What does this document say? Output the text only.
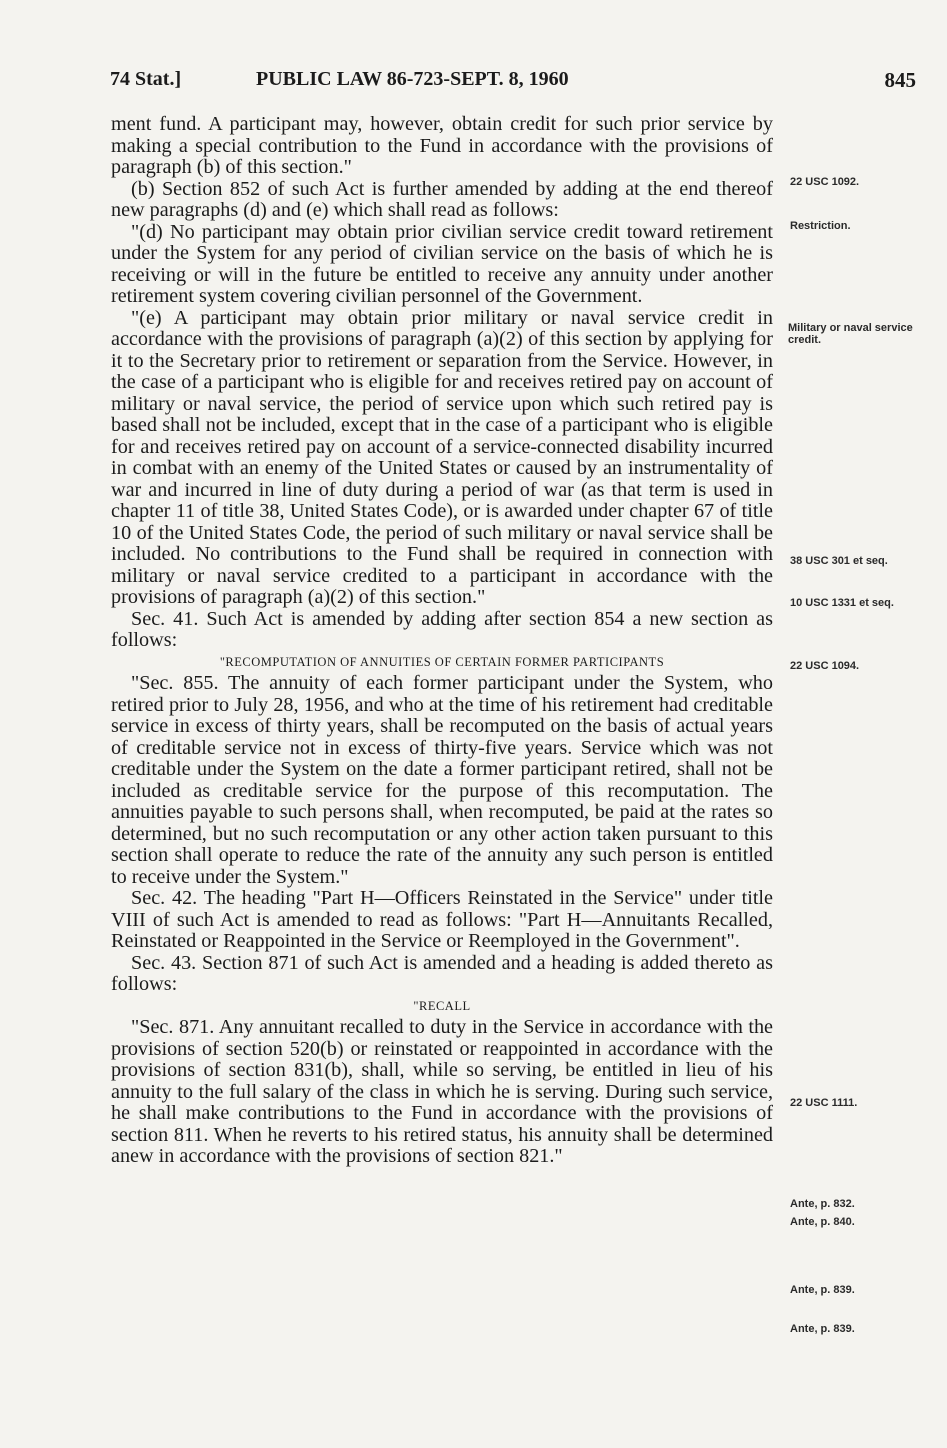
74 Stat.]	PUBLIC LAW 86-723-SEPT. 8, 1960	845

ment fund. A participant may, however, obtain credit for such prior service by making a special contribution to the Fund in accordance with the provisions of paragraph (b) of this section."

(b) Section 852 of such Act is further amended by adding at the end thereof new paragraphs (d) and (e) which shall read as follows:

"(d) No participant may obtain prior civilian service credit toward retirement under the System for any period of civilian service on the basis of which he is receiving or will in the future be entitled to receive any annuity under another retirement system covering civilian personnel of the Government.

"(e) A participant may obtain prior military or naval service credit in accordance with the provisions of paragraph (a)(2) of this section by applying for it to the Secretary prior to retirement or separation from the Service. However, in the case of a participant who is eligible for and receives retired pay on account of military or naval service, the period of service upon which such retired pay is based shall not be included, except that in the case of a participant who is eligible for and receives retired pay on account of a service-connected disability incurred in combat with an enemy of the United States or caused by an instrumentality of war and incurred in line of duty during a period of war (as that term is used in chapter 11 of title 38, United States Code), or is awarded under chapter 67 of title 10 of the United States Code, the period of such military or naval service shall be included. No contributions to the Fund shall be required in connection with military or naval service credited to a participant in accordance with the provisions of paragraph (a)(2) of this section."

Sec. 41. Such Act is amended by adding after section 854 a new section as follows:

"RECOMPUTATION OF ANNUITIES OF CERTAIN FORMER PARTICIPANTS

"Sec. 855. The annuity of each former participant under the System, who retired prior to July 28, 1956, and who at the time of his retirement had creditable service in excess of thirty years, shall be recomputed on the basis of actual years of creditable service not in excess of thirty-five years. Service which was not creditable under the System on the date a former participant retired, shall not be included as creditable service for the purpose of this recomputation. The annuities payable to such persons shall, when recomputed, be paid at the rates so determined, but no such recomputation or any other action taken pursuant to this section shall operate to reduce the rate of the annuity any such person is entitled to receive under the System."

Sec. 42. The heading "Part H—Officers Reinstated in the Service" under title VIII of such Act is amended to read as follows: "Part H—Annuitants Recalled, Reinstated or Reappointed in the Service or Reemployed in the Government".

Sec. 43. Section 871 of such Act is amended and a heading is added thereto as follows:

"RECALL

"Sec. 871. Any annuitant recalled to duty in the Service in accordance with the provisions of section 520(b) or reinstated or reappointed in accordance with the provisions of section 831(b), shall, while so serving, be entitled in lieu of his annuity to the full salary of the class in which he is serving. During such service, he shall make contributions to the Fund in accordance with the provisions of section 811. When he reverts to his retired status, his annuity shall be determined anew in accordance with the provisions of section 821."

22 USC 1092.
Restriction.
Military or naval service credit.
38 USC 301 et seq.
10 USC 1331 et seq.
22 USC 1094.
22 USC 1111.
Ante, p. 832.
Ante, p. 840.
Ante, p. 839.
Ante, p. 839.
